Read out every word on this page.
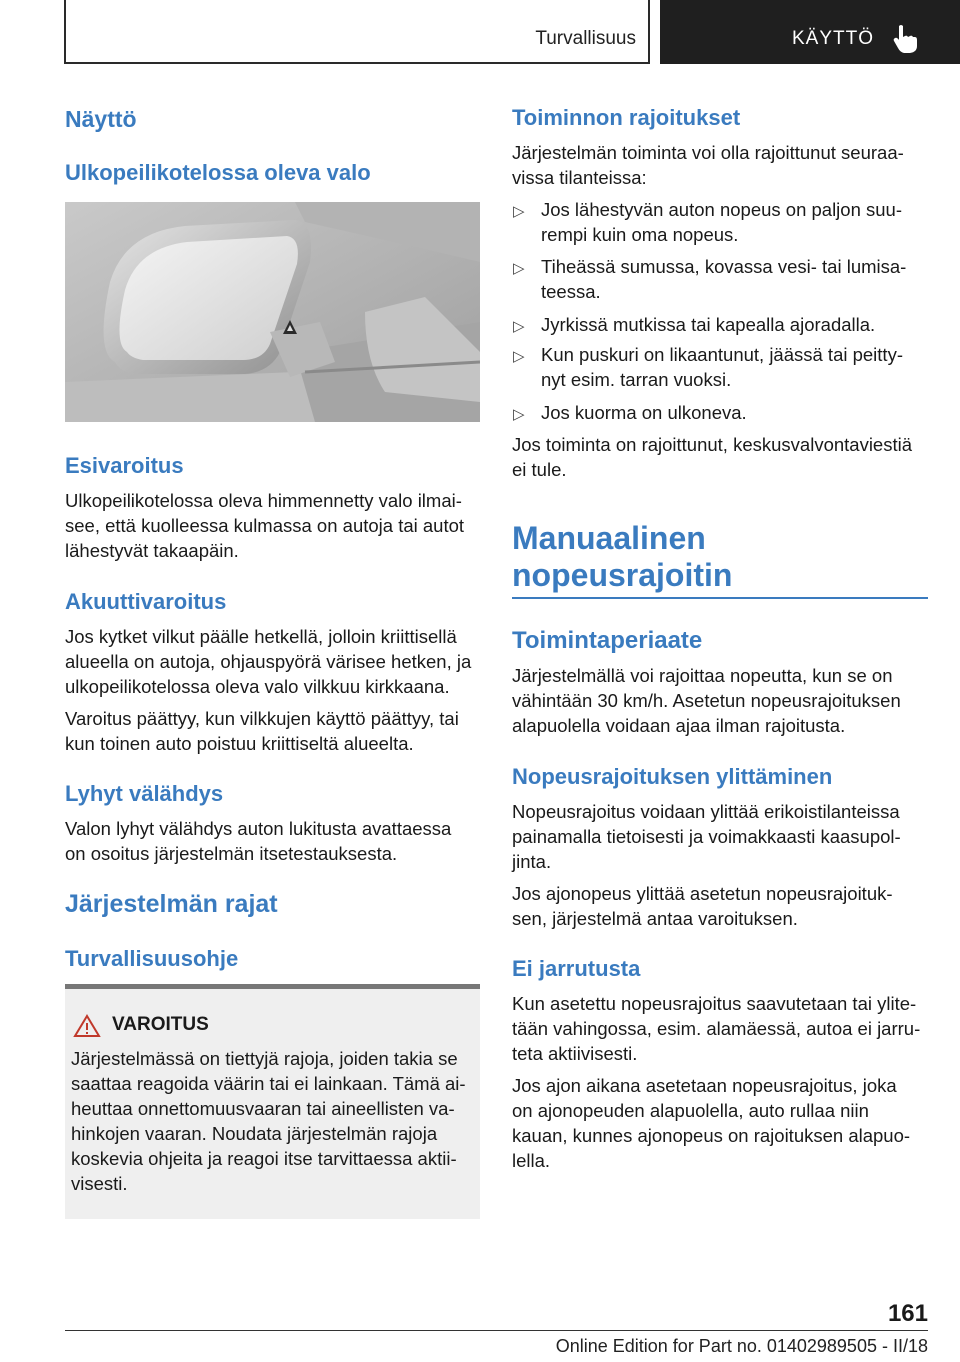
Turvallisuus	KÄYTTÖ
Näyttö
Ulkopeilikotelossa oleva valo
Esivaroitus

Ulkopeilikotelossa oleva himmennetty valo ilmai‐

see, että kuolleessa kulmassa on autoja tai autot

lähestyvät takaapäin.

Akuuttivaroitus

Jos kytket vilkut päälle hetkellä, jolloin kriittisellä

alueella on autoja, ohjauspyörä värisee hetken, ja

ulkopeilikotelossa oleva valo vilkkuu kirkkaana.

Varoitus päättyy, kun vilkkujen käyttö päättyy, tai

kun toinen auto poistuu kriittiseltä alueelta.

Lyhyt välähdys

Valon lyhyt välähdys auton lukitusta avattaessa

on osoitus järjestelmän itsetestauksesta.

Järjestelmän rajat
Turvallisuusohje
VAROITUS

Järjestelmässä on tiettyjä rajoja, joiden takia se

saattaa reagoida väärin tai ei lainkaan. Tämä ai‐

heuttaa onnettomuusvaaran tai aineellisten va‐

hinkojen vaaran. Noudata järjestelmän rajoja

koskevia ohjeita ja reagoi itse tarvittaessa aktii‐

visesti.

Toiminnon rajoitukset

Järjestelmän toiminta voi olla rajoittunut seuraa‐

vissa tilanteissa:

▷ Jos lähestyvän auton nopeus on paljon suu‐

rempi kuin oma nopeus.

▷ Tiheässä sumussa, kovassa vesi- tai lumisa‐

teessa.

▷ Jyrkissä mutkissa tai kapealla ajoradalla.

▷ Kun puskuri on likaantunut, jäässä tai peitty‐

nyt esim. tarran vuoksi.

▷ Jos kuorma on ulkoneva.

Jos toiminta on rajoittunut, keskusvalvontaviestiä

ei tule.

Manuaalinen
nopeusrajoitin
Toimintaperiaate

Järjestelmällä voi rajoittaa nopeutta, kun se on

vähintään 30 km/h. Asetetun nopeusrajoituksen

alapuolella voidaan ajaa ilman rajoitusta.

Nopeusrajoituksen ylittäminen

Nopeusrajoitus voidaan ylittää erikoistilanteissa

painamalla tietoisesti ja voimakkaasti kaasupol‐

jinta.

Jos ajonopeus ylittää asetetun nopeusrajoituk‐

sen, järjestelmä antaa varoituksen.

Ei jarrutusta

Kun asetettu nopeusrajoitus saavutetaan tai ylite‐

tään vahingossa, esim. alamäessä, autoa ei jarru‐

teta aktiivisesti.

Jos ajon aikana asetetaan nopeusrajoitus, joka

on ajonopeuden alapuolella, auto rullaa niin

kauan, kunnes ajonopeus on rajoituksen alapuo‐

lella.

161
Online Edition for Part no. 01402989505 - II/18
